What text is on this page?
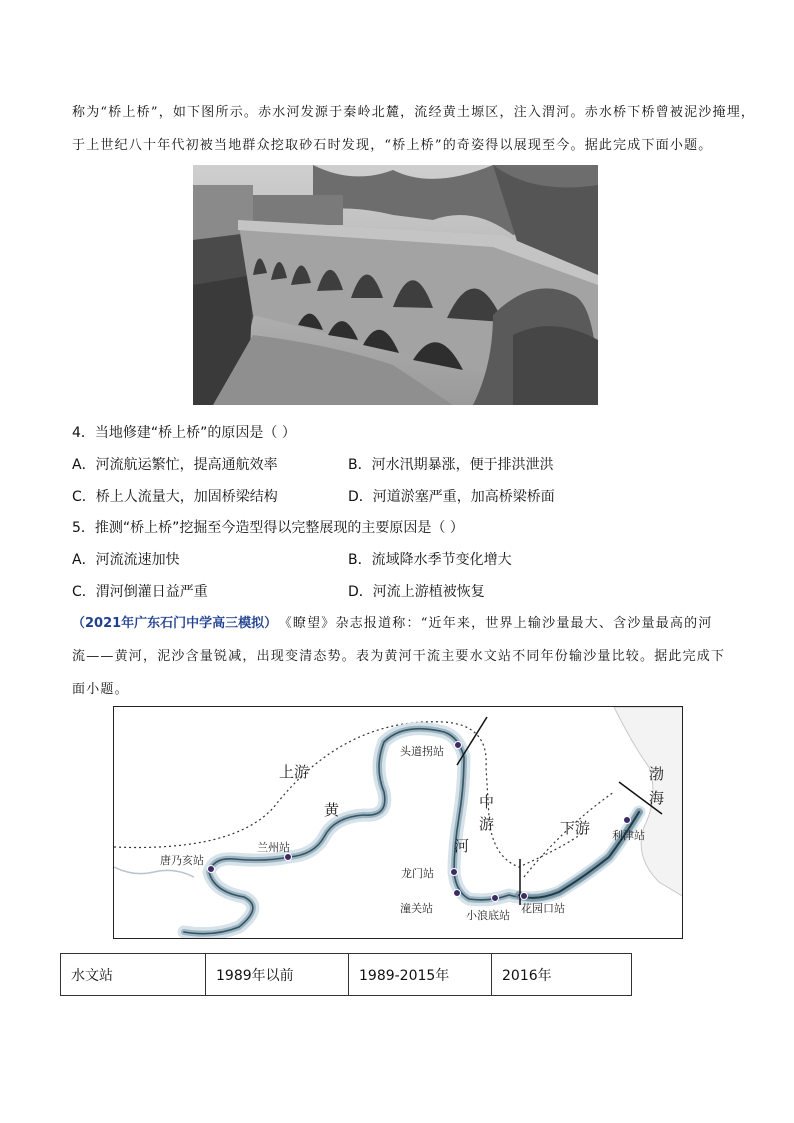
称为“桥上桥”，如下图所示。赤水河发源于秦岭北麓，流经黄土塬区，注入渭河。赤水桥下桥曾被泥沙掩埋，
于上世纪八十年代初被当地群众挖取砂石时发现，“桥上桥”的奇姿得以展现至今。据此完成下面小题。
4．当地修建“桥上桥”的原因是（ ）
A．河流航运繁忙，提高通航效率	B．河水汛期暴涨，便于排洪泄洪
C．桥上人流量大，加固桥梁结构	D．河道淤塞严重，加高桥梁桥面
5．推测“桥上桥”挖掘至今造型得以完整展现的主要原因是（ ）
A．河流流速加快	B．流域降水季节变化增大
C．渭河倒灌日益严重	D．河流上游植被恢复
（2021年广东石门中学高三模拟） 《瞭望》杂志报道称：“近年来，世界上输沙量最大、含沙量最高的河
流——黄河，泥沙含量锐减，出现变清态势。表为黄河干流主要水文站不同年份输沙量比较。据此完成下
面小题。
上游
中
游	下游
黄
河
渤
海
头道拐站
兰州站
唐乃亥站
龙门站
潼关站
小浪底站
花园口站
利津站
水文站	1989年以前	1989-2015年	2016年
